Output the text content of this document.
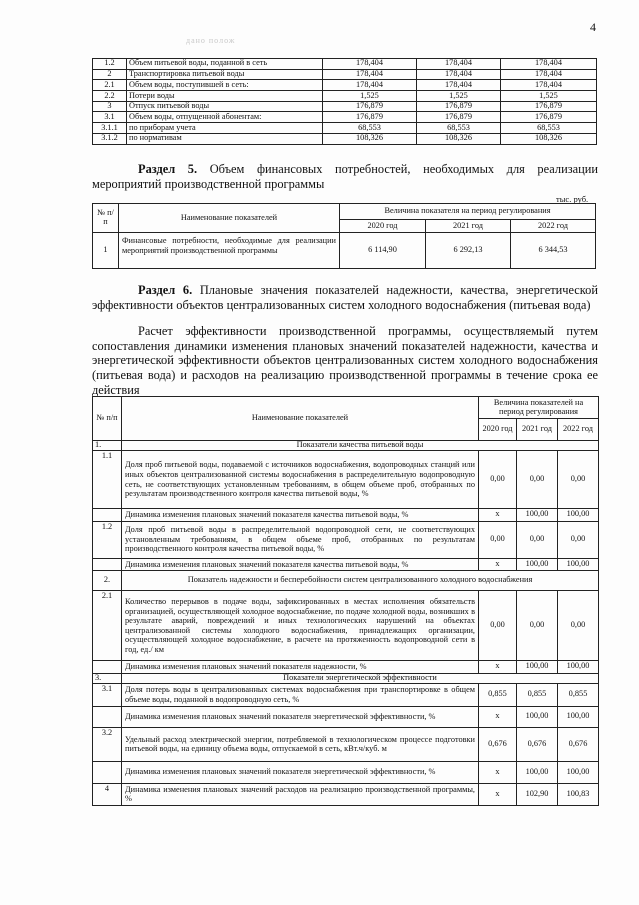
4
дано полож
1.2	Объем питьевой воды, поданной в сеть	178,404	178,404	178,404
2	Транспортировка питьевой воды	178,404	178,404	178,404
2.1	Объем воды, поступившей в сеть:	178,404	178,404	178,404
2.2	Потери воды	1,525	1,525	1,525
3	Отпуск питьевой воды	176,879	176,879	176,879
3.1	Объем воды, отпущенной абонентам:	176,879	176,879	176,879
3.1.1	по приборам учета	68,553	68,553	68,553
3.1.2	по нормативам	108,326	108,326	108,326
Раздел 5. Объем финансовых потребностей, необходимых для реализации мероприятий производственной программы
тыс. руб.
№ п/п	Наименование показателей	Величина показателя на период регулирования		
		2020 год	2021 год	2022 год
1	Финансовые потребности, необходимые для реализации мероприятий производственной программы	6 114,90	6 292,13	6 344,53
Раздел 6. Плановые значения показателей надежности, качества, энергетической эффективности объектов централизованных систем холодного водоснабжения (питьевая вода)
Расчет эффективности производственной программы, осуществляемый путем сопоставления динамики изменения плановых значений показателей надежности, качества и энергетической эффективности объектов централизованных систем холодного водоснабжения (питьевая вода) и расходов на реализацию производственной программы в течение срока ее действия
№ п/п	Наименование показателей	Величина показателей на период регулирования		
		2020 год	2021 год	2022 год
1.	Показатели качества питьевой воды			
1.1	Доля проб питьевой воды, подаваемой с источников водоснабжения, водопроводных станций или иных объектов централизованной системы водоснабжения в распределительную водопроводную сеть, не соответствующих установленным требованиям, в общем объеме проб, отобранных по результатам производственного контроля качества питьевой воды, %	0,00	0,00	0,00
	Динамика изменения плановых значений показателя качества питьевой воды, %	x	100,00	100,00
1.2	Доля проб питьевой воды в распределительной водопроводной сети, не соответствующих установленным требованиям, в общем объеме проб, отобранных по результатам производственного контроля качества питьевой воды, %	0,00	0,00	0,00
	Динамика изменения плановых значений показателя качества питьевой воды, %	x	100,00	100,00
2.	Показатель надежности и бесперебойности систем централизованного холодного водоснабжения			
2.1	Количество перерывов в подаче воды, зафиксированных в местах исполнения обязательств организацией, осуществляющей холодное водоснабжение, по подаче холодной воды, возникших в результате аварий, повреждений и иных технологических нарушений на объектах централизованной системы холодного водоснабжения, принадлежащих организации, осуществляющей холодное водоснабжение, в расчете на протяженность водопроводной сети в год, ед./ км	0,00	0,00	0,00
	Динамика изменения плановых значений показателя надежности, %	x	100,00	100,00
3.	Показатели энергетической эффективности			
3.1	Доля потерь воды в централизованных системах водоснабжения при транспортировке в общем объеме воды, поданной в водопроводную сеть, %	0,855	0,855	0,855
	Динамика изменения плановых значений показателя энергетической эффективности, %	x	100,00	100,00
3.2	Удельный расход электрической энергии, потребляемой в технологическом процессе подготовки питьевой воды, на единицу объема воды, отпускаемой в сеть, кВт.ч/куб. м	0,676	0,676	0,676
	Динамика изменения плановых значений показателя энергетической эффективности, %	x	100,00	100,00
4	Динамика изменения плановых значений расходов на реализацию производственной программы, %	x	102,90	100,83
